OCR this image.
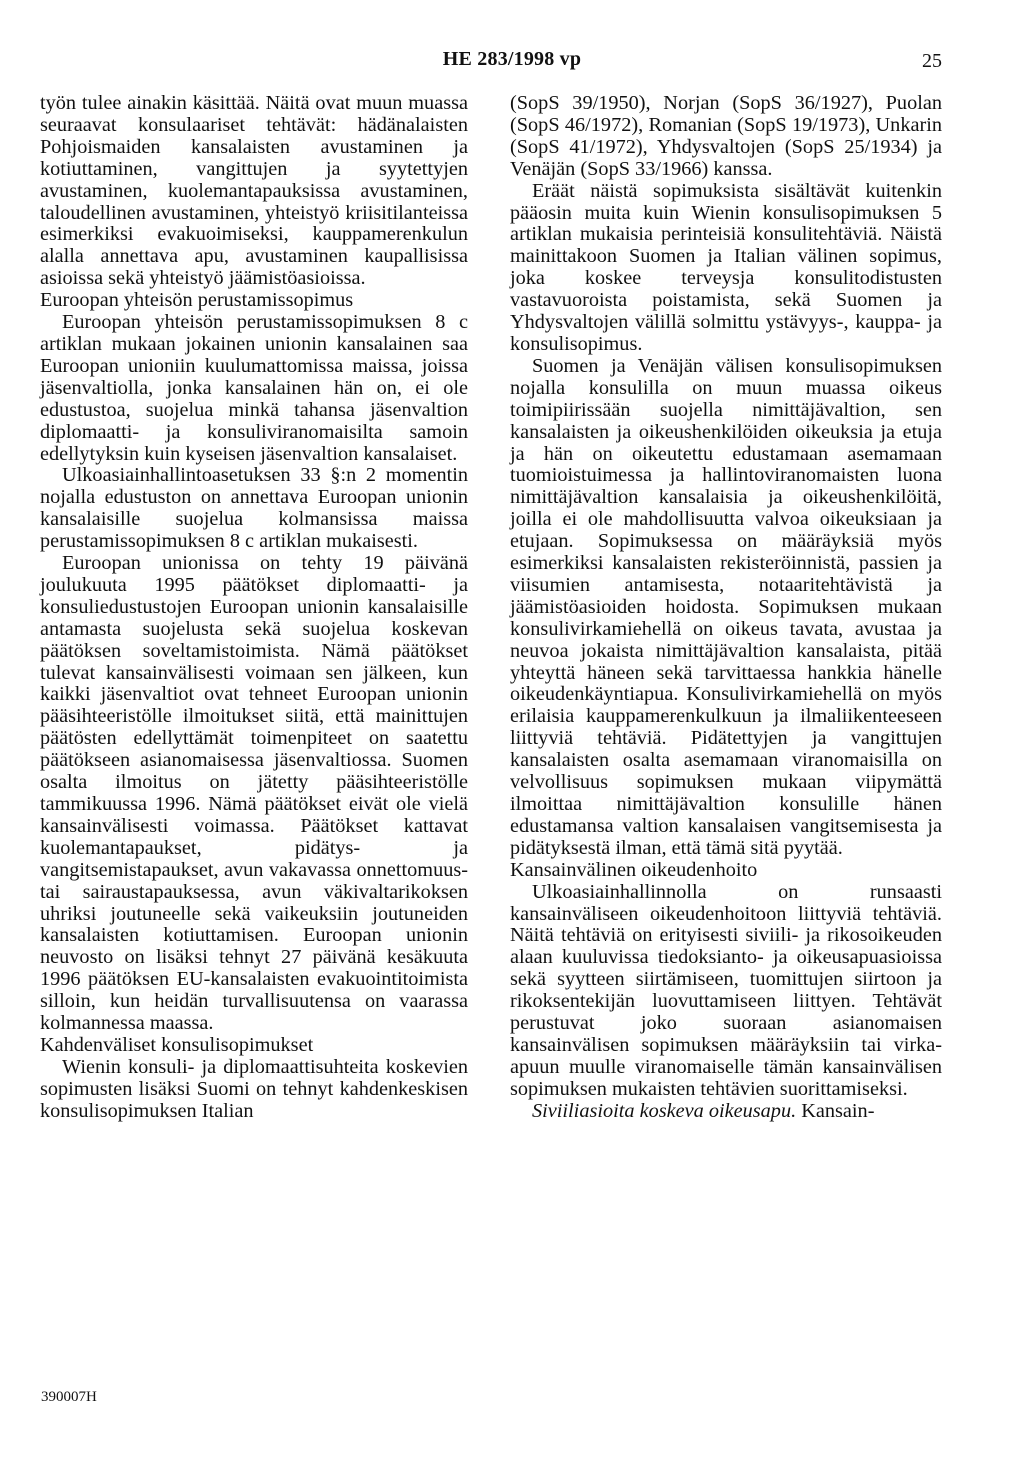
HE 283/1998 vp	25

työn tulee ainakin käsittää. Näitä ovat muun muassa seuraavat konsulaariset tehtävät: hädänalaisten Pohjoismaiden kansalaisten avustaminen ja kotiuttaminen, vangittujen ja syytettyjen avustaminen, kuolemantapauksissa avustaminen, taloudellinen avustaminen, yhteistyö kriisitilanteissa esimerkiksi evakuoimiseksi, kauppamerenkulun alalla annettava apu, avustaminen kaupallisissa asioissa sekä yhteistyö jäämistöasioissa.

Euroopan yhteisön perustamissopimus

Euroopan yhteisön perustamissopimuksen 8 c artiklan mukaan jokainen unionin kansalainen saa Euroopan unioniin kuulumattomissa maissa, joissa jäsenvaltiolla, jonka kansalainen hän on, ei ole edustustoa, suojelua minkä tahansa jäsenvaltion diplomaatti- ja konsuliviranomaisilta samoin edellytyksin kuin kyseisen jäsenvaltion kansalaiset.

Ulkoasiainhallintoasetuksen 33 §:n 2 momentin nojalla edustuston on annettava Euroopan unionin kansalaisille suojelua kolmansissa maissa perustamissopimuksen 8 c artiklan mukaisesti.

Euroopan unionissa on tehty 19 päivänä joulukuuta 1995 päätökset diplomaatti- ja konsuliedustustojen Euroopan unionin kansalaisille antamasta suojelusta sekä suojelua koskevan päätöksen soveltamistoimista. Nämä päätökset tulevat kansainvälisesti voimaan sen jälkeen, kun kaikki jäsenvaltiot ovat tehneet Euroopan unionin pääsihteeristölle ilmoitukset siitä, että mainittujen päätösten edellyttämät toimenpiteet on saatettu päätökseen asianomaisessa jäsenvaltiossa. Suomen osalta ilmoitus on jätetty pääsihteeristölle tammikuussa 1996. Nämä päätökset eivät ole vielä kansainvälisesti voimassa. Päätökset kattavat kuolemantapaukset, pidätys- ja vangitsemistapaukset, avun vakavassa onnettomuus- tai sairaustapauksessa, avun väkivaltarikoksen uhriksi joutuneelle sekä vaikeuksiin joutuneiden kansalaisten kotiuttamisen. Euroopan unionin neuvosto on lisäksi tehnyt 27 päivänä kesäkuuta 1996 päätöksen EU-kansalaisten evakuointitoimista silloin, kun heidän turvallisuutensa on vaarassa kolmannessa maassa.

Kahdenväliset konsulisopimukset

Wienin konsuli- ja diplomaattisuhteita koskevien sopimusten lisäksi Suomi on tehnyt kahdenkeskisen konsulisopimuksen Italian

(SopS 39/1950), Norjan (SopS 36/1927), Puolan (SopS 46/1972), Romanian (SopS 19/1973), Unkarin (SopS 41/1972), Yhdysvaltojen (SopS 25/1934) ja Venäjän (SopS 33/1966) kanssa.

Eräät näistä sopimuksista sisältävät kuitenkin pääosin muita kuin Wienin konsulisopimuksen 5 artiklan mukaisia perinteisiä konsulitehtäviä. Näistä mainittakoon Suomen ja Italian välinen sopimus, joka koskee terveysja konsulitodistusten vastavuoroista poistamista, sekä Suomen ja Yhdysvaltojen välillä solmittu ystävyys-, kauppa- ja konsulisopimus.

Suomen ja Venäjän välisen konsulisopimuksen nojalla konsulilla on muun muassa oikeus toimipiirissään suojella nimittäjävaltion, sen kansalaisten ja oikeushenkilöiden oikeuksia ja etuja ja hän on oikeutettu edustamaan asemamaan tuomioistuimessa ja hallintoviranomaisten luona nimittäjävaltion kansalaisia ja oikeushenkilöitä, joilla ei ole mahdollisuutta valvoa oikeuksiaan ja etujaan. Sopimuksessa on määräyksiä myös esimerkiksi kansalaisten rekisteröinnistä, passien ja viisumien antamisesta, notaaritehtävistä ja jäämistöasioiden hoidosta. Sopimuksen mukaan konsulivirkamiehellä on oikeus tavata, avustaa ja neuvoa jokaista nimittäjävaltion kansalaista, pitää yhteyttä häneen sekä tarvittaessa hankkia hänelle oikeudenkäyntiapua. Konsulivirkamiehellä on myös erilaisia kauppamerenkulkuun ja ilmaliikenteeseen liittyviä tehtäviä. Pidätettyjen ja vangittujen kansalaisten osalta asemamaan viranomaisilla on velvollisuus sopimuksen mukaan viipymättä ilmoittaa nimittäjävaltion konsulille hänen edustamansa valtion kansalaisen vangitsemisesta ja pidätyksestä ilman, että tämä sitä pyytää.

Kansainvälinen oikeudenhoito

Ulkoasiainhallinnolla on runsaasti kansainväliseen oikeudenhoitoon liittyviä tehtäviä. Näitä tehtäviä on erityisesti siviili- ja rikosoikeuden alaan kuuluvissa tiedoksianto- ja oikeusapuasioissa sekä syytteen siirtämiseen, tuomittujen siirtoon ja rikoksentekijän luovuttamiseen liittyen. Tehtävät perustuvat joko suoraan asianomaisen kansainvälisen sopimuksen määräyksiin tai virka-apuun muulle viranomaiselle tämän kansainvälisen sopimuksen mukaisten tehtävien suorittamiseksi.

Siviiliasioita koskeva oikeusapu. Kansain-

390007H
